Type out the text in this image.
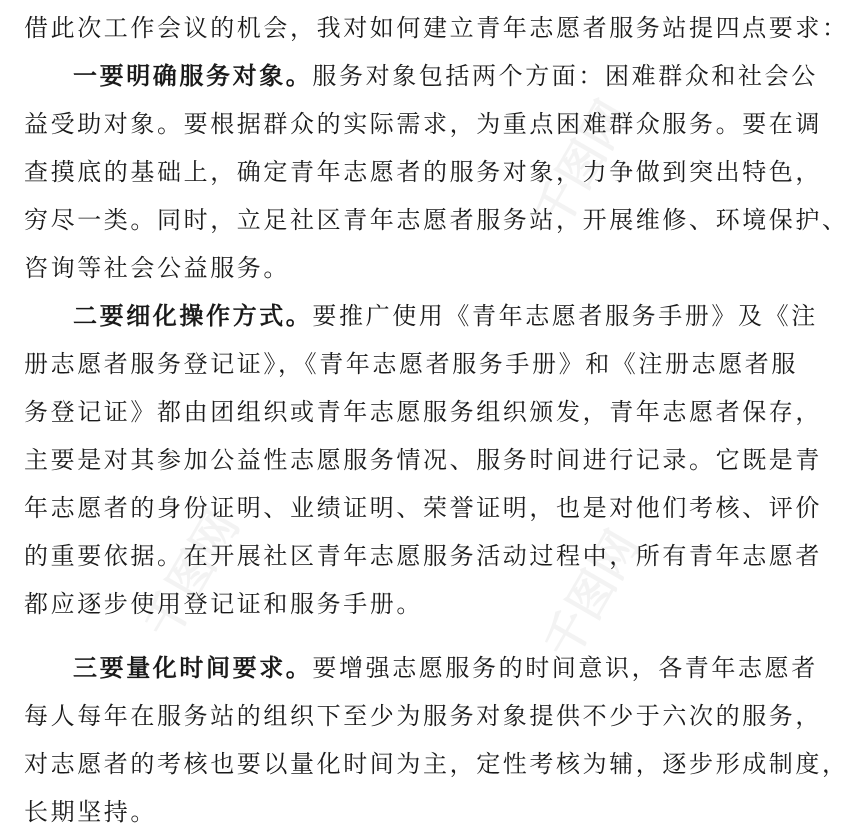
千图网
千图网	千图网
借此次工作会议的机会，我对如何建立青年志愿者服务站提四点要求：
一要明确服务对象。服务对象包括两个方面：困难群众和社会公
益受助对象。要根据群众的实际需求，为重点困难群众服务。要在调
查摸底的基础上，确定青年志愿者的服务对象，力争做到突出特色，
穷尽一类。同时，立足社区青年志愿者服务站，开展维修、环境保护、
咨询等社会公益服务。
二要细化操作方式。要推广使用《青年志愿者服务手册》及《注
册志愿者服务登记证》，《青年志愿者服务手册》和《注册志愿者服
务登记证》都由团组织或青年志愿服务组织颁发，青年志愿者保存，
主要是对其参加公益性志愿服务情况、服务时间进行记录。它既是青
年志愿者的身份证明、业绩证明、荣誉证明，也是对他们考核、评价
的重要依据。在开展社区青年志愿服务活动过程中，所有青年志愿者
都应逐步使用登记证和服务手册。
三要量化时间要求。要增强志愿服务的时间意识，各青年志愿者
每人每年在服务站的组织下至少为服务对象提供不少于六次的服务，
对志愿者的考核也要以量化时间为主，定性考核为辅，逐步形成制度，
长期坚持。
